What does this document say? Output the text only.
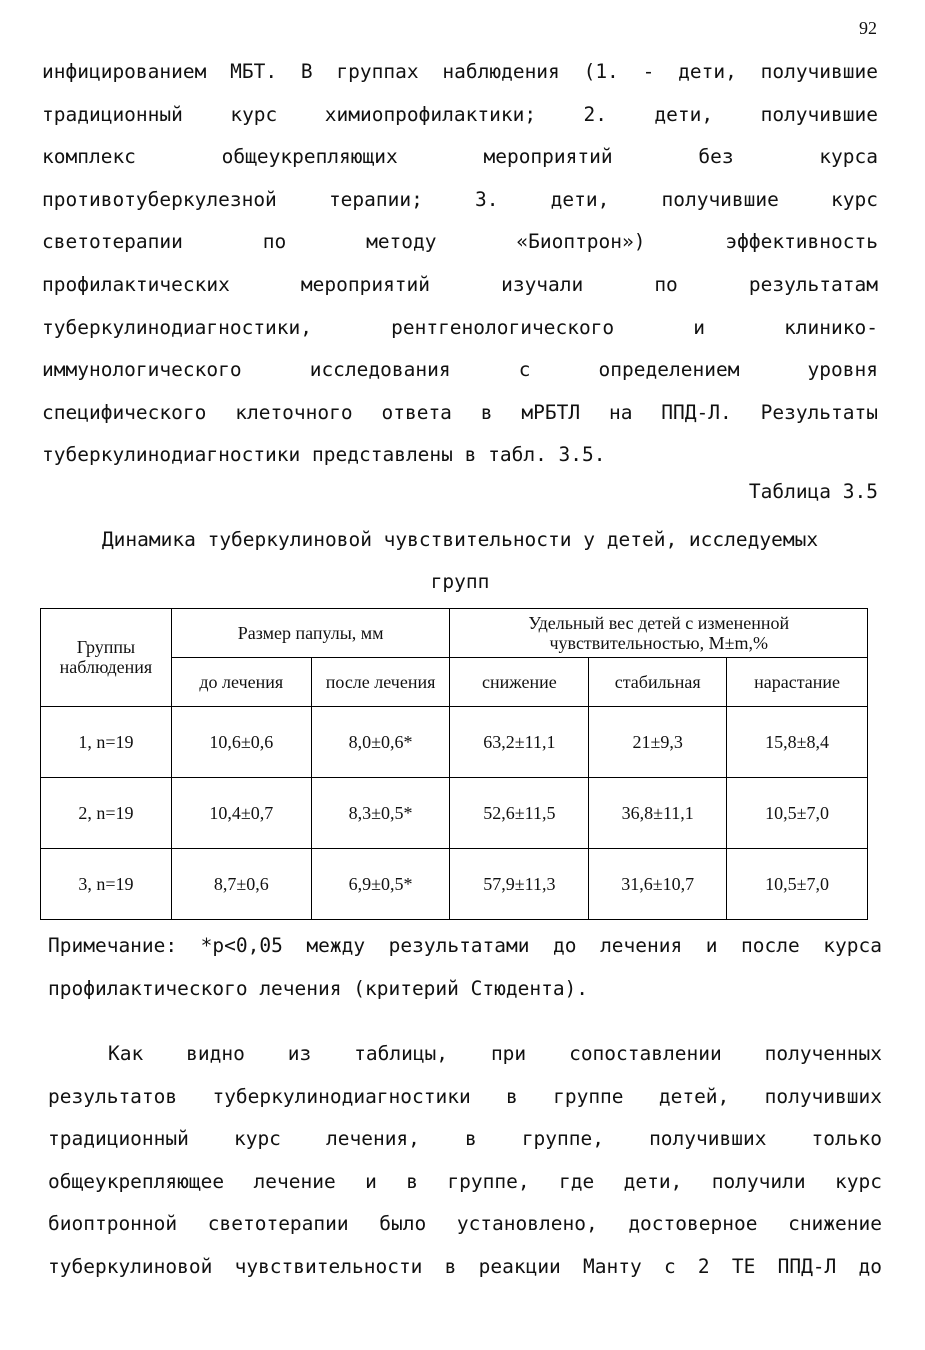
92
инфицированием МБТ. В группах наблюдения (1. - дети, получившие
традиционный курс химиопрофилактики; 2. дети, получившие
комплекс общеукрепляющих мероприятий без курса
противотуберкулезной терапии; 3. дети, получившие курс
светотерапии по методу «Биоптрон») эффективность
профилактических мероприятий изучали по результатам
туберкулинодиагностики, рентгенологического и клинико-
иммунологического исследования с определением уровня
специфического клеточного ответа в мРБТЛ на ППД-Л. Результаты
туберкулинодиагностики представлены в табл. 3.5.
Таблица 3.5
Динамика туберкулиновой чувствительности у детей, исследуемых
групп
Группы наблюдения	Размер папулы, мм		Удельный вес детей с измененной чувствительностью, M±m,%		
	до лечения	после лечения	снижение	стабильная	нарастание
1, n=19	10,6±0,6	8,0±0,6*	63,2±11,1	21±9,3	15,8±8,4
2, n=19	10,4±0,7	8,3±0,5*	52,6±11,5	36,8±11,1	10,5±7,0
3, n=19	8,7±0,6	6,9±0,5*	57,9±11,3	31,6±10,7	10,5±7,0
Примечание: *p<0,05 между результатами до лечения и после курса
профилактического лечения (критерий Стюдента).
Как видно из таблицы, при сопоставлении полученных
результатов туберкулинодиагностики в группе детей, получивших
традиционный курс лечения, в группе, получивших только
общеукрепляющее лечение и в группе, где дети, получили курс
биоптронной светотерапии было установлено, достоверное снижение
туберкулиновой чувствительности в реакции Манту с 2 ТЕ ППД-Л до
